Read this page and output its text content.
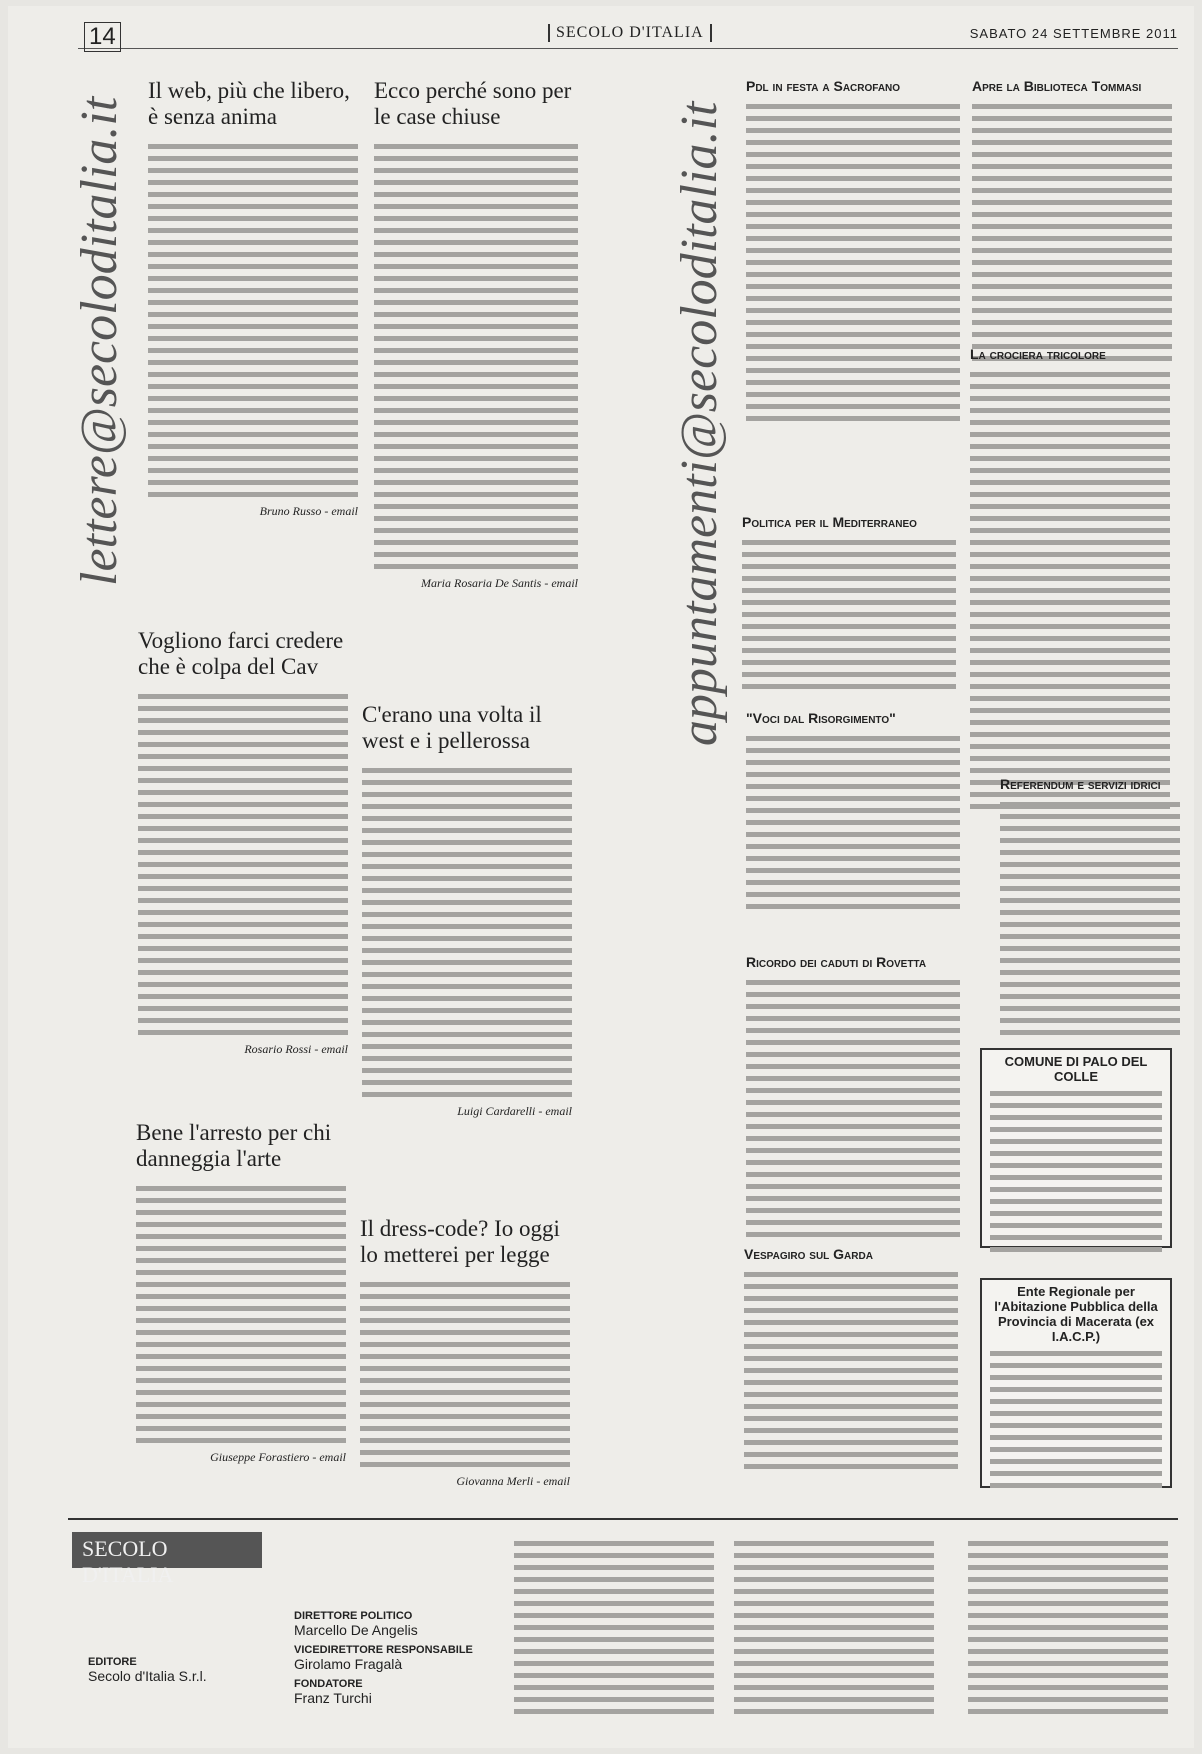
14	SECOLO D'ITALIA	SABATO 24 SETTEMBRE 2011
lettere@secoloditalia.it	appuntamenti@secoloditalia.it
Il web, più che libero, è senza anima
Bruno Russo - email
Vogliono farci credere che è colpa del Cav
Rosario Rossi - email
Bene l'arresto per chi danneggia l'arte
Giuseppe Forastiero - email
Ecco perché sono per le case chiuse
Maria Rosaria De Santis - email
C'erano una volta il west e i pellerossa
Luigi Cardarelli - email
Il dress-code? Io oggi lo metterei per legge
Giovanna Merli - email
Pdl in festa a Sacrofano
Politica per il Mediterraneo
"Voci dal Risorgimento"
Ricordo dei caduti di Rovetta
Vespagiro sul Garda
Apre la Biblioteca Tommasi
La crociera tricolore
Referendum e servizi idrici
COMUNE DI PALO DEL COLLE
Ente Regionale per l'Abitazione Pubblica della Provincia di Macerata (ex I.A.C.P.)
SECOLO D'ITALIA
EDITORE
Secolo d'Italia S.r.l.
DIRETTORE POLITICO
Marcello De Angelis
VICEDIRETTORE RESPONSABILE
Girolamo Fragalà
FONDATORE
Franz Turchi
